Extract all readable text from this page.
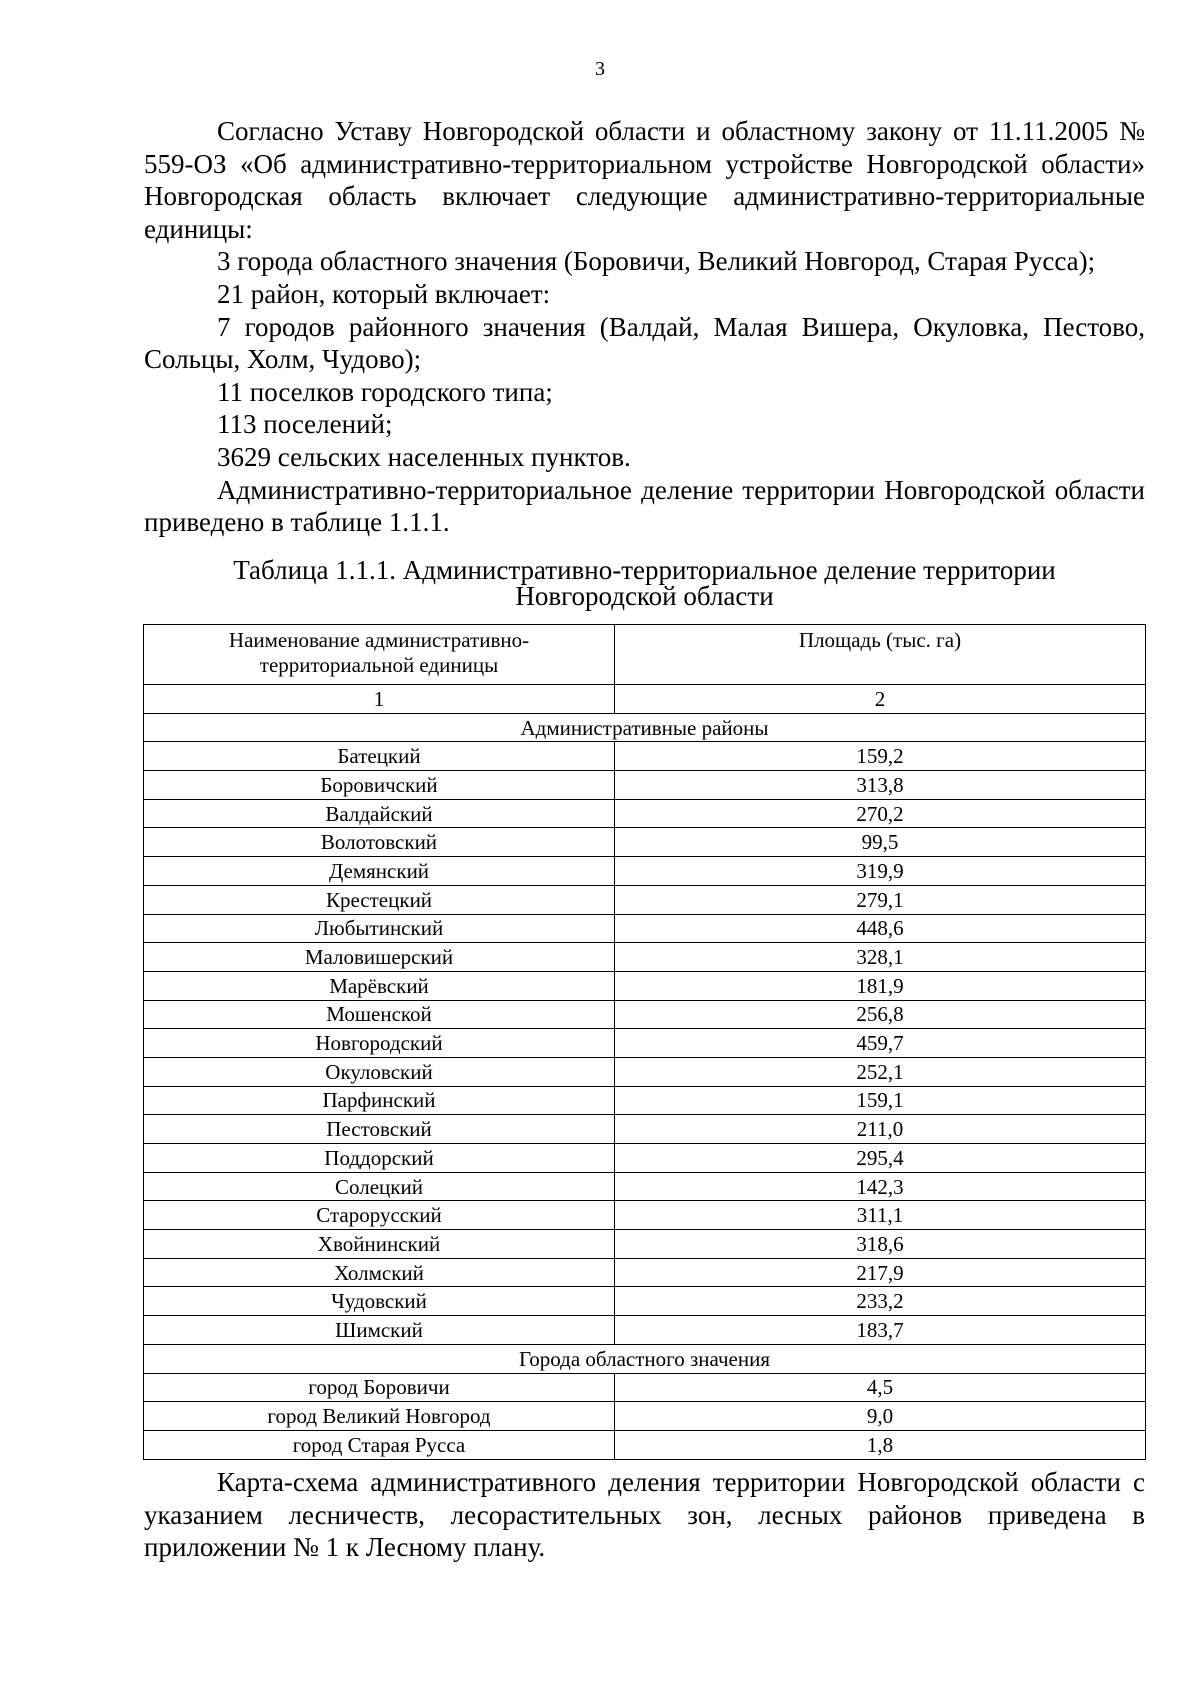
3

Согласно Уставу Новгородской области и областному закону от 11.11.2005 № 559-ОЗ «Об административно-территориальном устройстве Новгородской области» Новгородская область включает следующие административно-территориальные единицы:

3 города областного значения (Боровичи, Великий Новгород, Старая Русса);

21 район, который включает:

7 городов районного значения (Валдай, Малая Вишера, Окуловка, Пестово, Сольцы, Холм, Чудово);

11 поселков городского типа;

113 поселений;

3629 сельских населенных пунктов.

Административно-территориальное деление территории Новгородской области приведено в таблице 1.1.1.

Таблица 1.1.1. Административно-территориальное деление территории
Новгородской области
Наименование административно-
территориальной единицы	Площадь (тыс. га)
1	2
Административные районы	
Батецкий	159,2
Боровичский	313,8
Валдайский	270,2
Волотовский	99,5
Демянский	319,9
Крестецкий	279,1
Любытинский	448,6
Маловишерский	328,1
Марёвский	181,9
Мошенской	256,8
Новгородский	459,7
Окуловский	252,1
Парфинский	159,1
Пестовский	211,0
Поддорский	295,4
Солецкий	142,3
Старорусский	311,1
Хвойнинский	318,6
Холмский	217,9
Чудовский	233,2
Шимский	183,7
Города областного значения	
город Боровичи	4,5
город Великий Новгород	9,0
город Старая Русса	1,8

Карта-схема административного деления территории Новгородской области с указанием лесничеств, лесорастительных зон, лесных районов приведена в приложении № 1 к Лесному плану.
